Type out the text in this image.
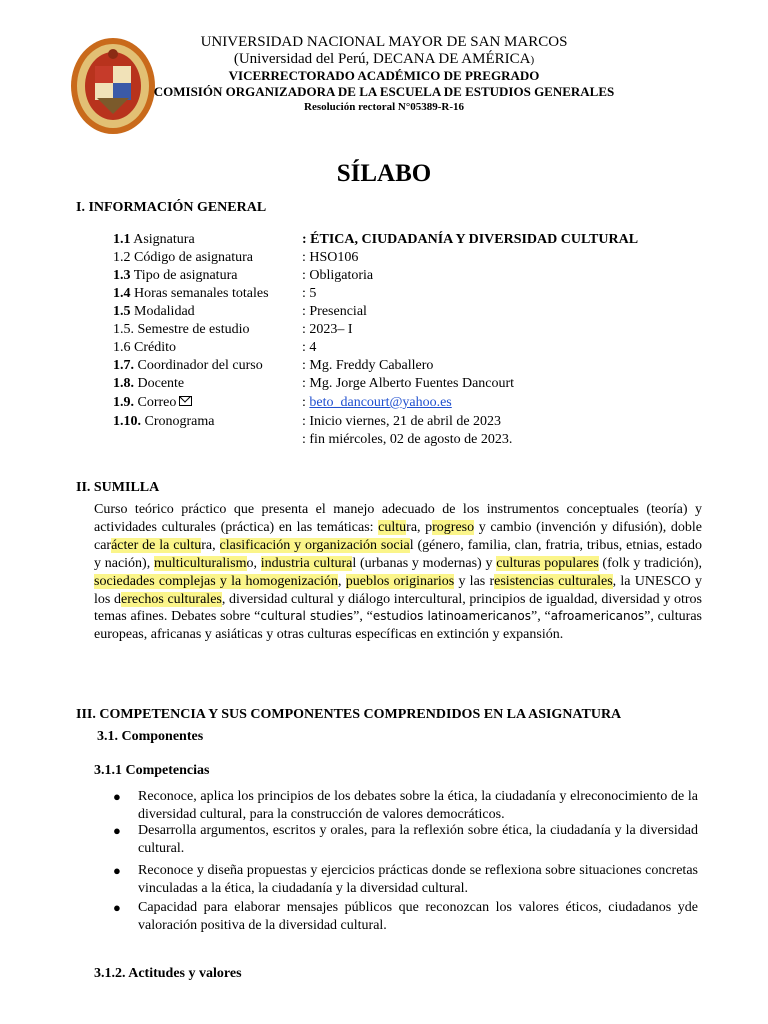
UNIVERSIDAD NACIONAL MAYOR DE SAN MARCOS
(Universidad del Perú, DECANA DE AMÉRICA)
VICERRECTORADO ACADÉMICO DE PREGRADO
COMISIÓN ORGANIZADORA DE LA ESCUELA DE ESTUDIOS GENERALES
Resolución rectoral N°05389-R-16
SÍLABO
I. INFORMACIÓN GENERAL
1.1 Asignatura	: ÉTICA, CIUDADANÍA Y DIVERSIDAD CULTURAL
1.2 Código de asignatura	: HSO106
1.3 Tipo de asignatura	: Obligatoria
1.4 Horas semanales totales : 5
1.5 Modalidad	: Presencial
1.5. Semestre de estudio	: 2023– I
1.6 Crédito	: 4
1.7. Coordinador del curso	: Mg. Freddy Caballero
1.8. Docente	: Mg. Jorge Alberto Fuentes Dancourt
1.9. Correo	: beto_dancourt@yahoo.es
1.10. Cronograma	: Inicio viernes, 21 de abril de 2023
: fin miércoles, 02 de agosto de 2023.
II. SUMILLA
Curso teórico práctico que presenta el manejo adecuado de los instrumentos conceptuales (teoría) y actividades culturales (práctica) en las temáticas: cultura, progreso y cambio (invención y difusión), doble carácter de la cultura, clasificación y organización social (género, familia, clan, fratria, tribus, etnias, estado y nación), multiculturalismo, industria cultural (urbanas y modernas) y culturas populares (folk y tradición), sociedades complejas y la homogenización, pueblos originarios y las resistencias culturales, la UNESCO y los derechos culturales, diversidad cultural y diálogo intercultural, principios de igualdad, diversidad y otros temas afines. Debates sobre “cultural studies”, “estudios latinoamericanos”, “afroamericanos”, culturas europeas, africanas y asiáticas y otras culturas específicas en extinción y expansión.
III. COMPETENCIA Y SUS COMPONENTES COMPRENDIDOS EN LA ASIGNATURA
3.1. Componentes
3.1.1 Competencias
● Reconoce, aplica los principios de los debates sobre la ética, la ciudadanía y elreconocimiento de la diversidad cultural, para la construcción de valores democráticos.
● Desarrolla argumentos, escritos y orales, para la reflexión sobre ética, la ciudadanía y la diversidad cultural.
● Reconoce y diseña propuestas y ejercicios prácticas donde se reflexiona sobre situaciones concretas vinculadas a la ética, la ciudadanía y la diversidad cultural.
● Capacidad para elaborar mensajes públicos que reconozcan los valores éticos, ciudadanos yde valoración positiva de la diversidad cultural.
3.1.2. Actitudes y valores
